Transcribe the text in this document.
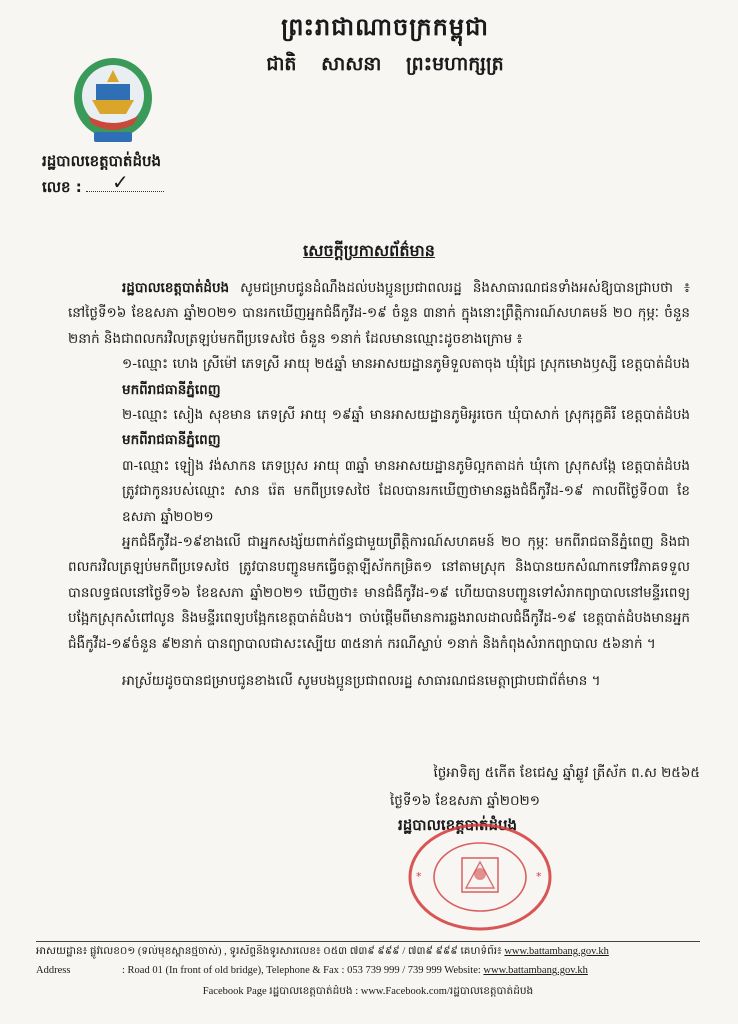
ព្រះរាជាណាចក្រកម្ពុជា
ជាតិ សាសនា ព្រះមហាក្សត្រ
រដ្ឋបាលខេត្តបាត់ដំបង
លេខ :	✓
សេចក្តីប្រកាសព័ត៌មាន

រដ្ឋបាលខេត្តបាត់ដំបង សូមជម្រាបជូនដំណឹងដល់បងប្អូនប្រជាពលរដ្ឋ និងសាធារណជនទាំងអស់ឱ្យបានជ្រាបថា ៖ នៅថ្ងៃទី១៦ ខែឧសភា ឆ្នាំ២០២១ បានរកឃើញអ្នកជំងឺកូវីដ-១៩ ចំនួន ៣នាក់ ក្នុងនោះព្រឹត្តិការណ៍សហគមន៍ ២០ កុម្ភៈ ចំនួន ២នាក់ និងជាពលករវិលត្រឡប់មកពីប្រទេសថៃ ចំនួន ១នាក់ ដែលមានឈ្មោះដូចខាងក្រោម ៖

១-ឈ្មោះ ហេង ស្រីម៉ៅ ភេទស្រី អាយុ ២៥ឆ្នាំ មានអាសយដ្ឋានភូមិទួលតាចុង ឃុំជ្រៃ ស្រុកមោងឫស្សី ខេត្តបាត់ដំបង មកពីរាជធានីភ្នំពេញ

២-ឈ្មោះ សៀង សុខមាន ភេទស្រី អាយុ ១៩ឆ្នាំ មានអាសយដ្ឋានភូមិអូរចេក ឃុំបាសាក់ ស្រុករុក្ខគិរី ខេត្តបាត់ដំបង មកពីរាជធានីភ្នំពេញ

៣-ឈ្មោះ ឡៀង វង់សាកន ភេទប្រុស អាយុ ៣ឆ្នាំ មានអាសយដ្ឋានភូមិល្អកតាដក់ ឃុំកោ ស្រុកសង្កែ ខេត្តបាត់ដំបង ត្រូវជាកូនរបស់ឈ្មោះ សាន រ៉េត មកពីប្រទេសថៃ ដែលបានរកឃើញថាមានឆ្លងជំងឺកូវីដ-១៩ កាលពីថ្ងៃទី០៣ ខែឧសភា ឆ្នាំ២០២១

អ្នកជំងឺកូវីដ-១៩ខាងលើ ជាអ្នកសង្ស័យពាក់ព័ន្ធជាមួយព្រឹត្តិការណ៍សហគមន៍ ២០ កុម្ភៈ មកពីរាជធានីភ្នំពេញ និងជាពលករវិលត្រឡប់មកពីប្រទេសថៃ ត្រូវបានបញ្ជូនមកធ្វើចត្តាឡីស័កកម្រិត១ នៅតាមស្រុក និងបានយកសំណាកទៅវិភាគទទួលបានលទ្ធផលនៅថ្ងៃទី១៦ ខែឧសភា ឆ្នាំ២០២១ ឃើញថា៖ មានជំងឺកូវីដ-១៩ ហើយបានបញ្ជូនទៅសំរាកព្យាបាលនៅមន្ទីរពេទ្យបង្អែកស្រុកសំពៅលូន និងមន្ទីរពេទ្យបង្អែកខេត្តបាត់ដំបង។ ចាប់ផ្តើមពីមានការឆ្លងរាលដាលជំងឺកូវីដ-១៩ ខេត្តបាត់ដំបងមានអ្នកជំងឺកូវីដ-១៩ចំនួន ៩២នាក់ បានព្យាបាលជាសះស្បើយ ៣៥នាក់ ករណីស្លាប់ ១នាក់ និងកំពុងសំរាកព្យាបាល ៥៦នាក់ ។

អាស្រ័យដូចបានជម្រាបជូនខាងលើ សូមបងប្អូនប្រជាពលរដ្ឋ សាធារណជនមេត្តាជ្រាបជាព័ត៌មាន ។

ថ្ងៃអាទិត្យ ៥កើត ខែជេស្ឋ ឆ្នាំឆ្លូវ ត្រីស័ក ព.ស ២៥៦៥
ថ្ងៃទី១៦ ខែឧសភា ឆ្នាំ២០២១
រដ្ឋបាលខេត្តបាត់ដំបង
*	*
អាសយដ្ឋាន៖ ផ្លូវលេខ០១ (ទល់មុខស្ពានថ្មចាស់) , ទូរស័ព្ទនិងទូរសារលេខ៖ ០៥៣ ៧៣៩ ៩៩៩ / ៧៣៩ ៩៩៩ គេហទំព័រ៖ www.battambang.gov.kh
Address	: Road 01 (In front of old bridge), Telephone & Fax : 053 739 999 / 739 999 Website: www.battambang.gov.kh
Facebook Page រដ្ឋបាលខេត្តបាត់ដំបង : www.Facebook.com/រដ្ឋបាលខេត្តបាត់ដំបង
